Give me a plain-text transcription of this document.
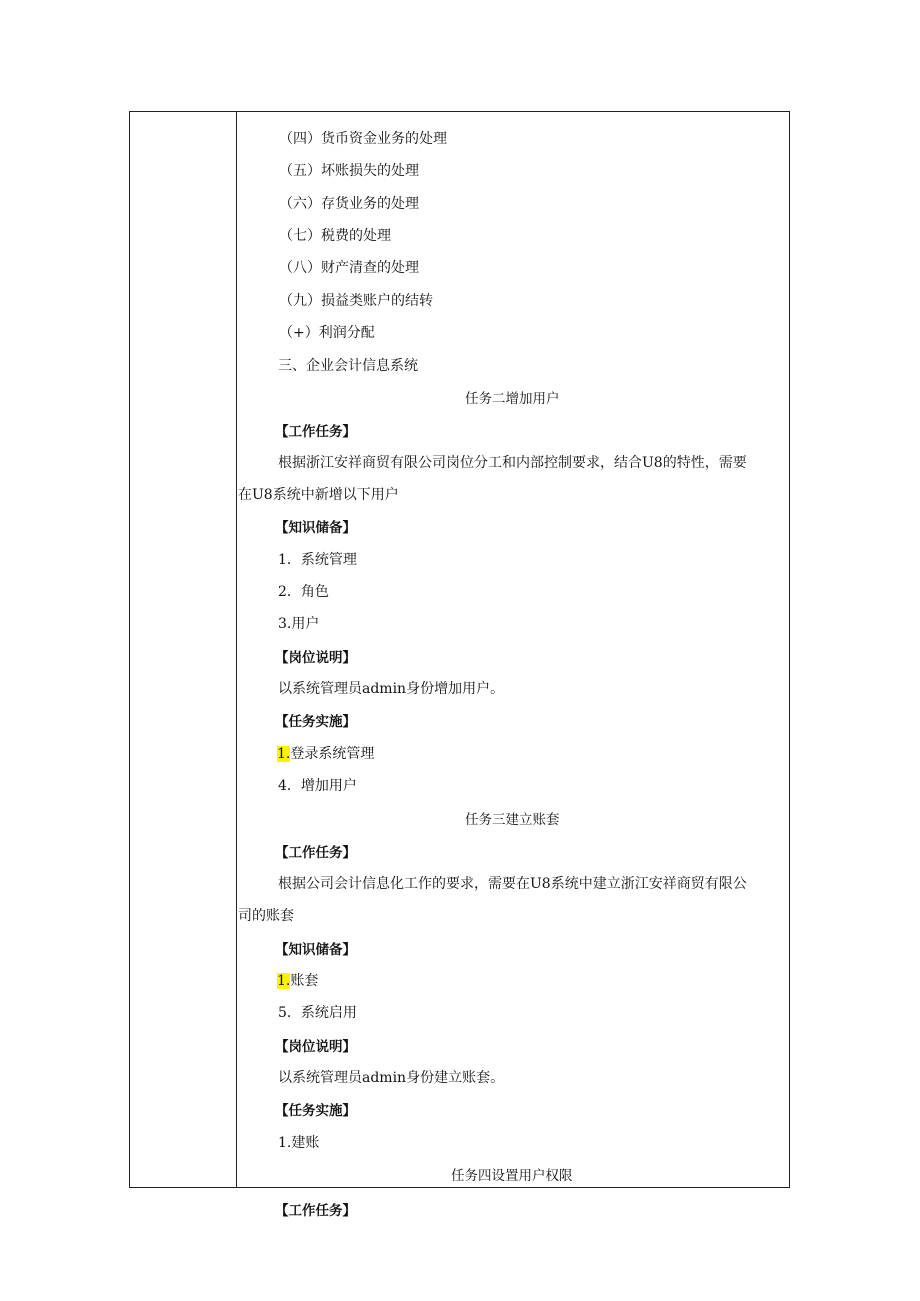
（四）货币资金业务的处理
（五）坏账损失的处理
（六）存货业务的处理
（七）税费的处理
（八）财产清查的处理
（九）损益类账户的结转
（+）利润分配
三、企业会计信息系统
任务二增加用户
【工作任务】
根据浙江安祥商贸有限公司岗位分工和内部控制要求，结合U8的特性，需要
在U8系统中新增以下用户
【知识储备】
1．系统管理
2．角色
3.用户
【岗位说明】
以系统管理员admin身份增加用户。
【任务实施】
1.登录系统管理
4．增加用户
任务三建立账套
【工作任务】
根据公司会计信息化工作的要求，需要在U8系统中建立浙江安祥商贸有限公
司的账套
【知识储备】
1.账套
5．系统启用
【岗位说明】
以系统管理员admin身份建立账套。
【任务实施】
1.建账
任务四设置用户权限
【工作任务】
